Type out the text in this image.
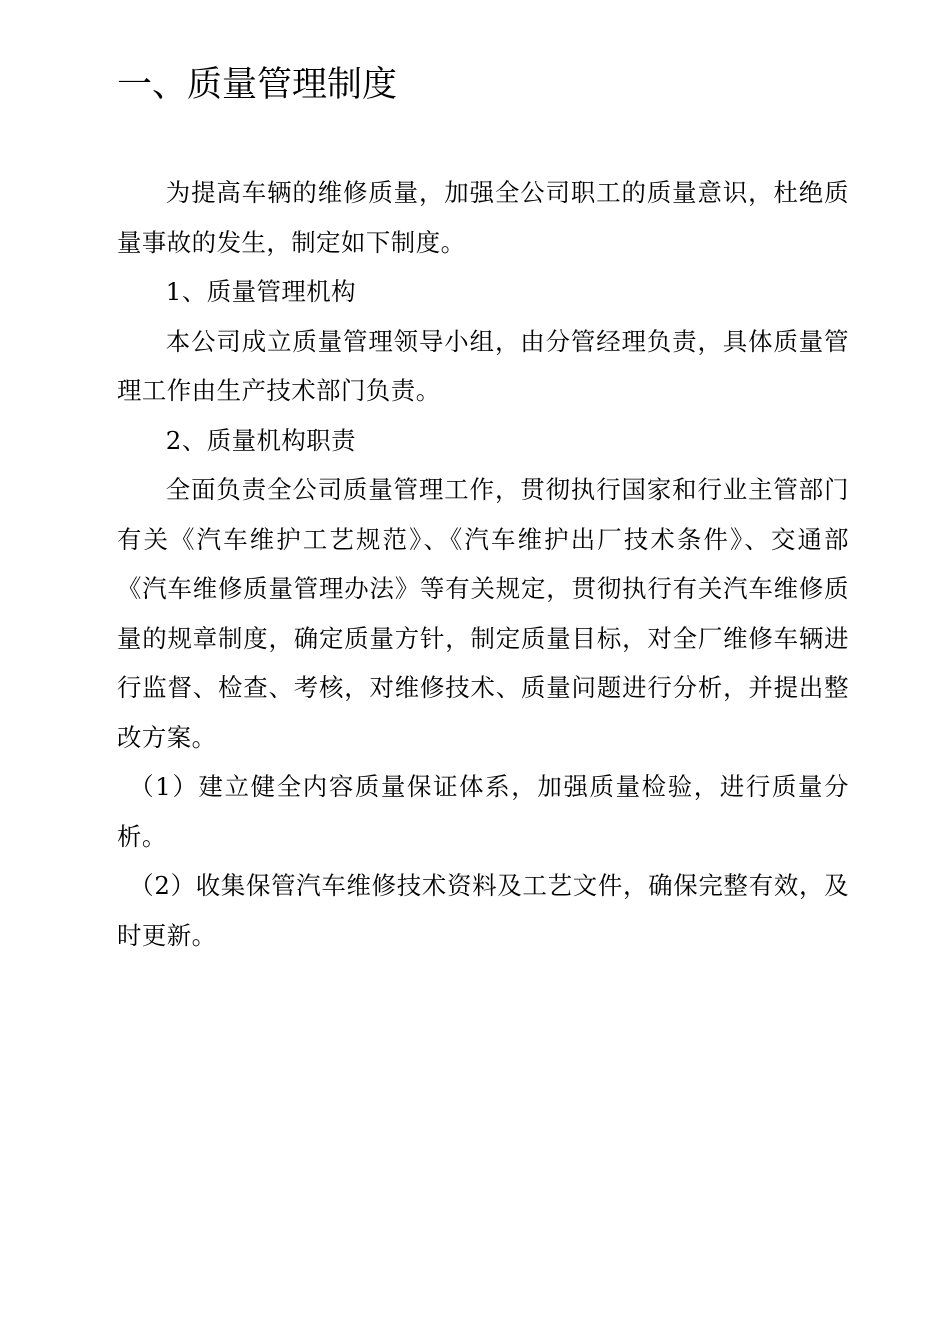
一、质量管理制度

为提高车辆的维修质量，加强全公司职工的质量意识，杜绝质量事故的发生，制定如下制度。

1、质量管理机构

本公司成立质量管理领导小组，由分管经理负责，具体质量管理工作由生产技术部门负责。

2、质量机构职责

全面负责全公司质量管理工作，贯彻执行国家和行业主管部门有关《汽车维护工艺规范》、《汽车维护出厂技术条件》、交通部《汽车维修质量管理办法》等有关规定，贯彻执行有关汽车维修质量的规章制度，确定质量方针，制定质量目标，对全厂维修车辆进行监督、检查、考核，对维修技术、质量问题进行分析，并提出整改方案。

（1）建立健全内容质量保证体系，加强质量检验，进行质量分析。

（2）收集保管汽车维修技术资料及工艺文件，确保完整有效，及时更新。
